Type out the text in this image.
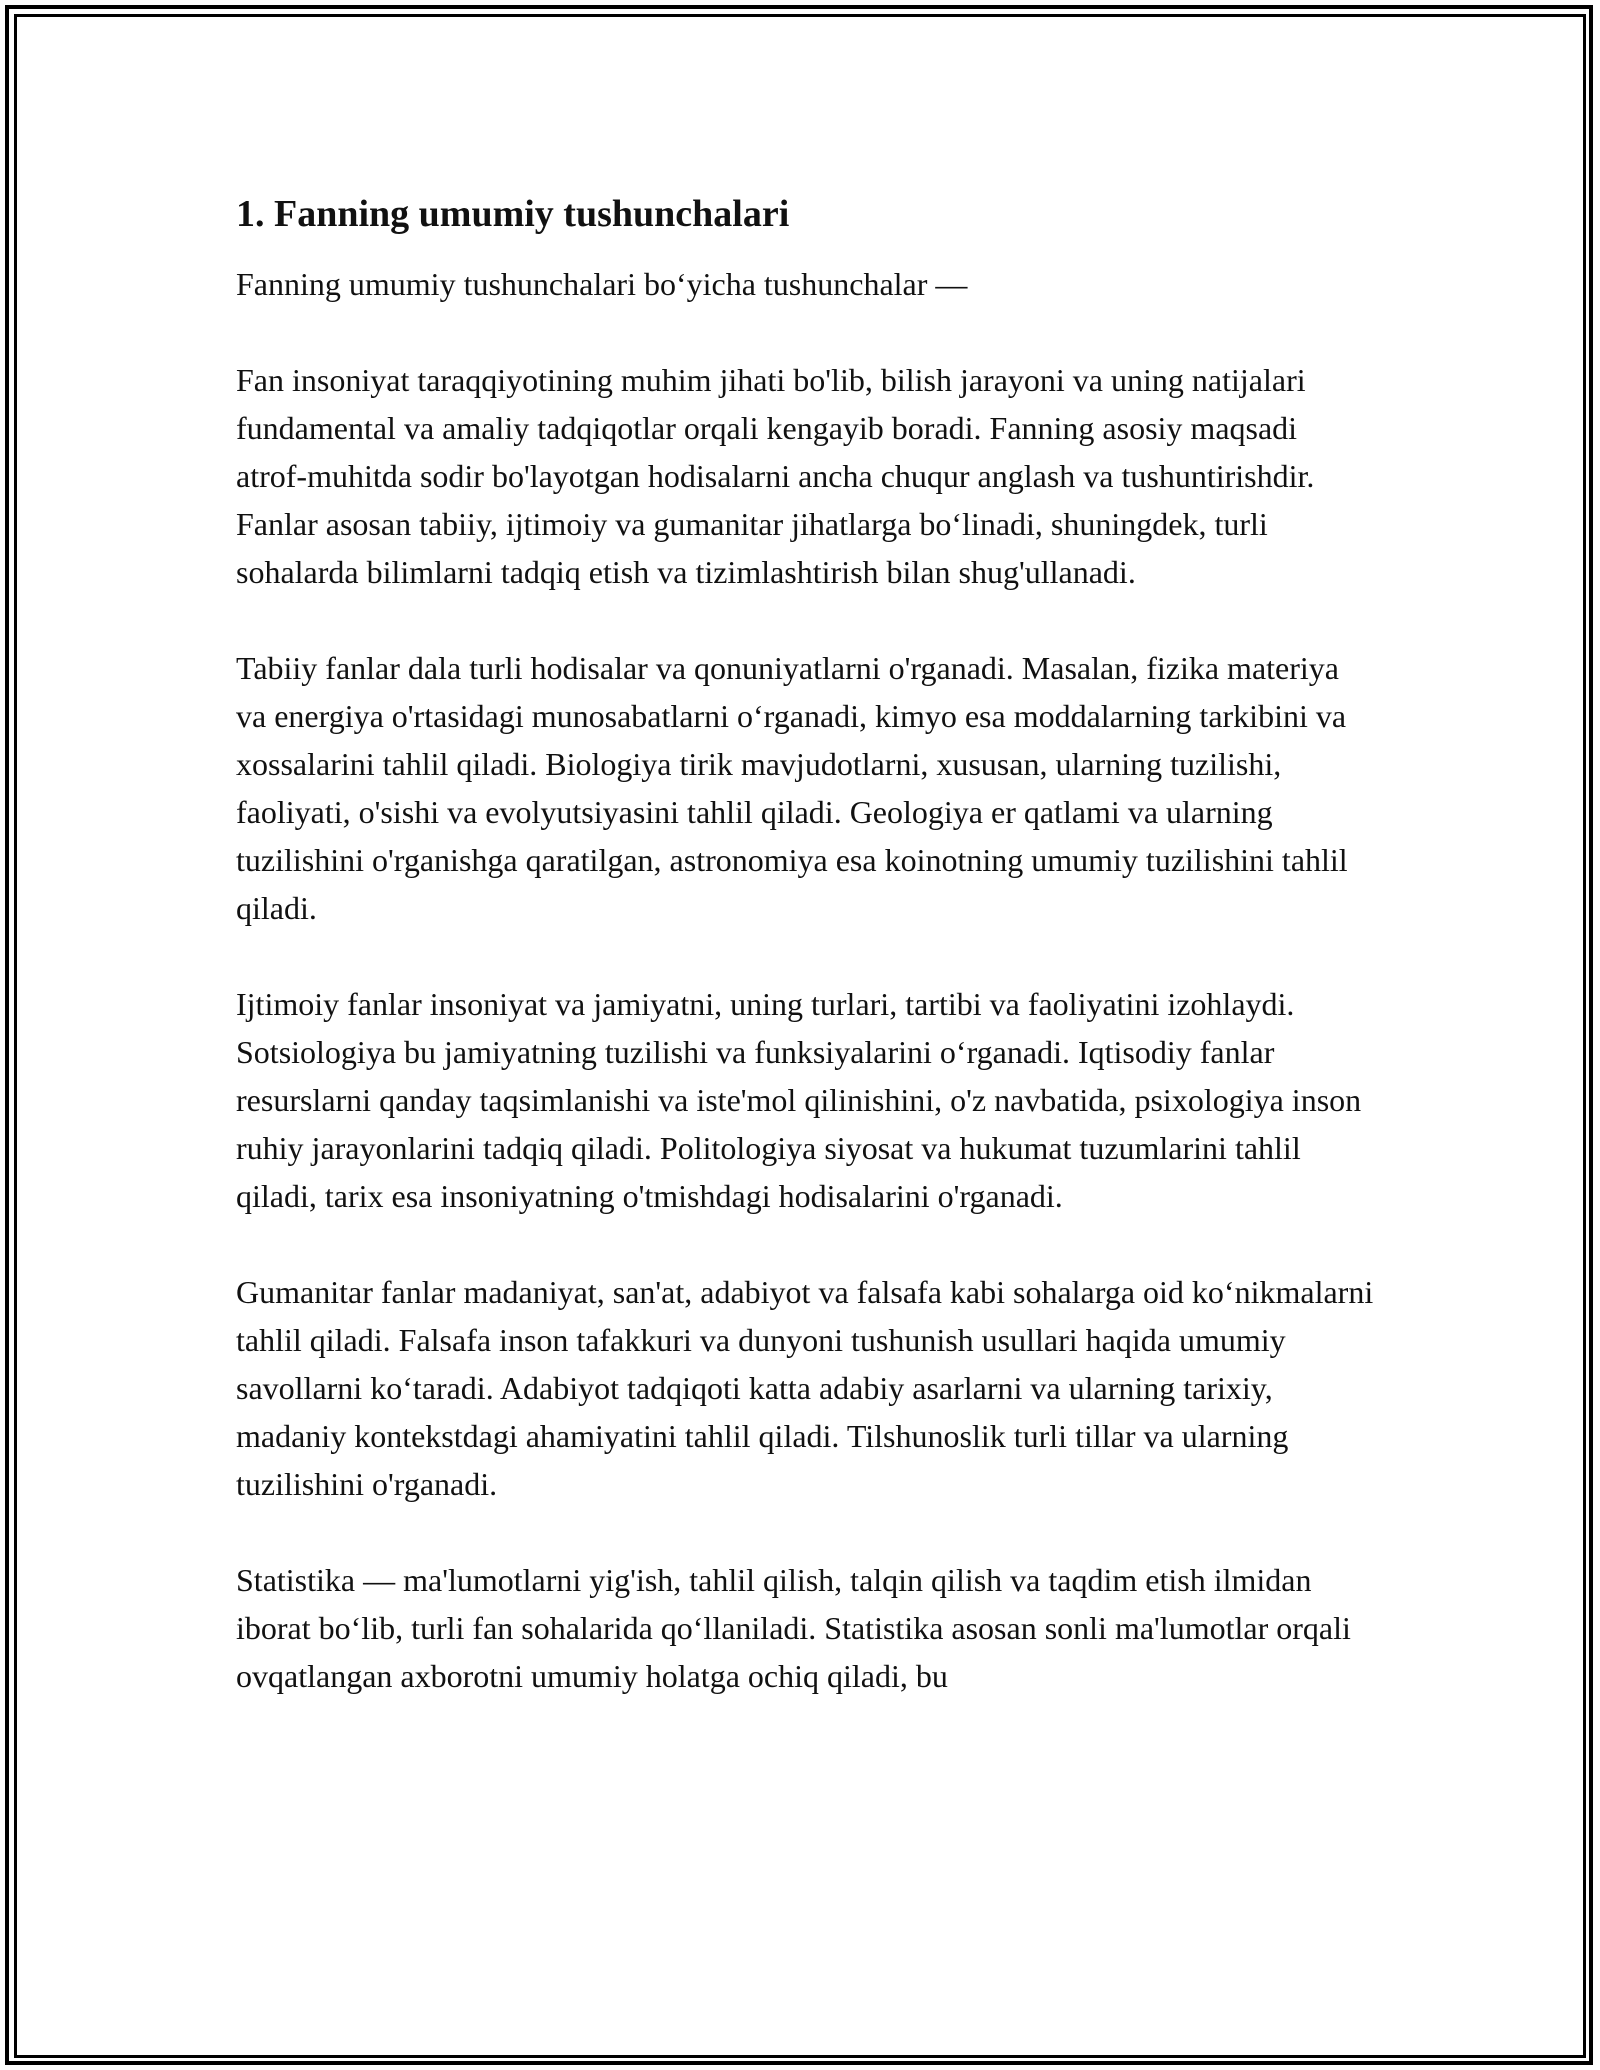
1. Fanning umumiy tushunchalari

Fanning umumiy tushunchalari bo‘yicha tushunchalar —

Fan insoniyat taraqqiyotining muhim jihati bo'lib, bilish jarayoni va uning natijalari fundamental va amaliy tadqiqotlar orqali kengayib boradi. Fanning asosiy maqsadi atrof-muhitda sodir bo'layotgan hodisalarni ancha chuqur anglash va tushuntirishdir. Fanlar asosan tabiiy, ijtimoiy va gumanitar jihatlarga bo‘linadi, shuningdek, turli sohalarda bilimlarni tadqiq etish va tizimlashtirish bilan shug'ullanadi.

Tabiiy fanlar dala turli hodisalar va qonuniyatlarni o'rganadi. Masalan, fizika materiya va energiya o'rtasidagi munosabatlarni o‘rganadi, kimyo esa moddalarning tarkibini va xossalarini tahlil qiladi. Biologiya tirik mavjudotlarni, xususan, ularning tuzilishi, faoliyati, o'sishi va evolyutsiyasini tahlil qiladi. Geologiya er qatlami va ularning tuzilishini o'rganishga qaratilgan, astronomiya esa koinotning umumiy tuzilishini tahlil qiladi.

Ijtimoiy fanlar insoniyat va jamiyatni, uning turlari, tartibi va faoliyatini izohlaydi. Sotsiologiya bu jamiyatning tuzilishi va funksiyalarini o‘rganadi. Iqtisodiy fanlar resurslarni qanday taqsimlanishi va iste'mol qilinishini, o'z navbatida, psixologiya inson ruhiy jarayonlarini tadqiq qiladi. Politologiya siyosat va hukumat tuzumlarini tahlil qiladi, tarix esa insoniyatning o'tmishdagi hodisalarini o'rganadi.

Gumanitar fanlar madaniyat, san'at, adabiyot va falsafa kabi sohalarga oid ko‘nikmalarni tahlil qiladi. Falsafa inson tafakkuri va dunyoni tushunish usullari haqida umumiy savollarni ko‘taradi. Adabiyot tadqiqoti katta adabiy asarlarni va ularning tarixiy, madaniy kontekstdagi ahamiyatini tahlil qiladi. Tilshunoslik turli tillar va ularning tuzilishini o'rganadi.

Statistika — ma'lumotlarni yig'ish, tahlil qilish, talqin qilish va taqdim etish ilmidan iborat bo‘lib, turli fan sohalarida qo‘llaniladi. Statistika asosan sonli ma'lumotlar orqali ovqatlangan axborotni umumiy holatga ochiq qiladi, bu
